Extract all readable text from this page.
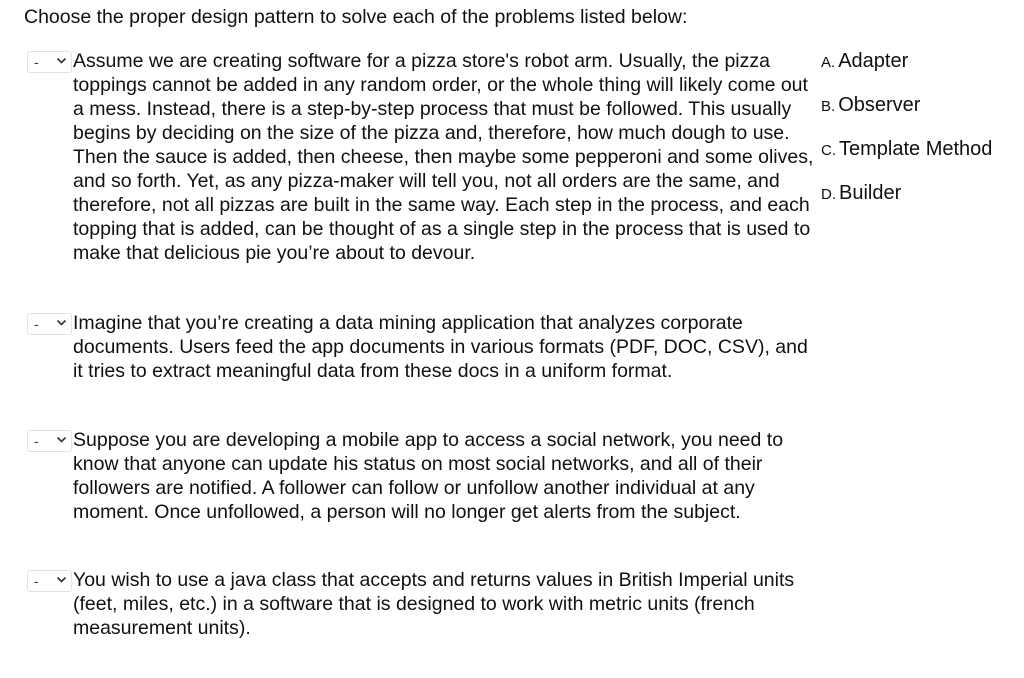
Choose the proper design pattern to solve each of the problems listed below:
- Assume we are creating software for a pizza store's robot arm. Usually, the pizza toppings cannot be added in any random order, or the whole thing will likely come out a mess. Instead, there is a step-by-step process that must be followed. This usually begins by deciding on the size of the pizza and, therefore, how much dough to use. Then the sauce is added, then cheese, then maybe some pepperoni and some olives, and so forth. Yet, as any pizza-maker will tell you, not all orders are the same, and therefore, not all pizzas are built in the same way. Each step in the process, and each topping that is added, can be thought of as a single step in the process that is used to make that delicious pie you’re about to devour.
- Imagine that you’re creating a data mining application that analyzes corporate documents. Users feed the app documents in various formats (PDF, DOC, CSV), and it tries to extract meaningful data from these docs in a uniform format.
- Suppose you are developing a mobile app to access a social network, you need to know that anyone can update his status on most social networks, and all of their followers are notified. A follower can follow or unfollow another individual at any moment. Once unfollowed, a person will no longer get alerts from the subject.
- You wish to use a java class that accepts and returns values in British Imperial units (feet, miles, etc.) in a software that is designed to work with metric units (french measurement units).
A. Adapter
B. Observer
C. Template Method
D. Builder
